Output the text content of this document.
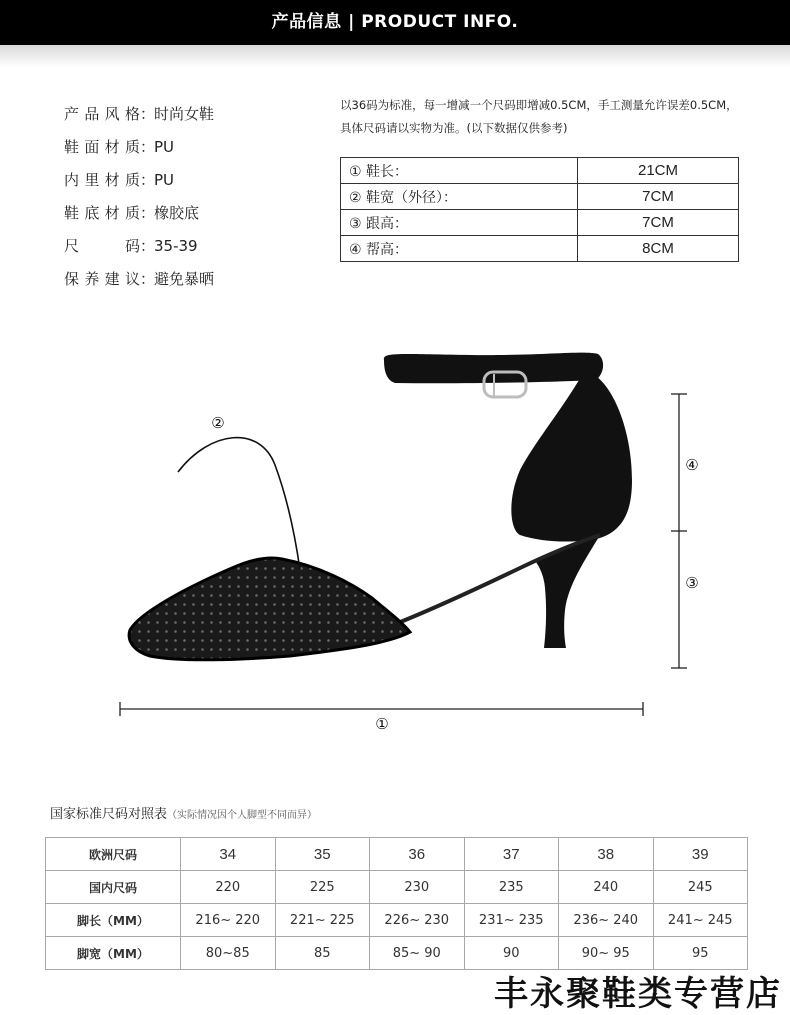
产品信息 | PRODUCT INFO.
产品风格：时尚女鞋
鞋面材质：PU
内里材质：PU
鞋底材质：橡胶底
尺码：35-39
保养建议：避免暴晒
以36码为标准，每一增减一个尺码即增减0.5CM，手工测量允许误差0.5CM，
具体尺码请以实物为准。(以下数据仅供参考)
① 鞋长：	21CM
② 鞋宽（外径）：	7CM
③ 跟高：	7CM
④ 帮高：	8CM
②
①
④
③
国家标准尺码对照表（实际情况因个人脚型不同而异）
欧洲尺码	34	35	36	37	38	39
国内尺码	220	225	230	235	240	245
脚长（MM）	216~ 220	221~ 225	226~ 230	231~ 235	236~ 240	241~ 245
脚宽（MM）	80~85	85	85~ 90	90	90~ 95	95
丰永聚鞋类专营店
